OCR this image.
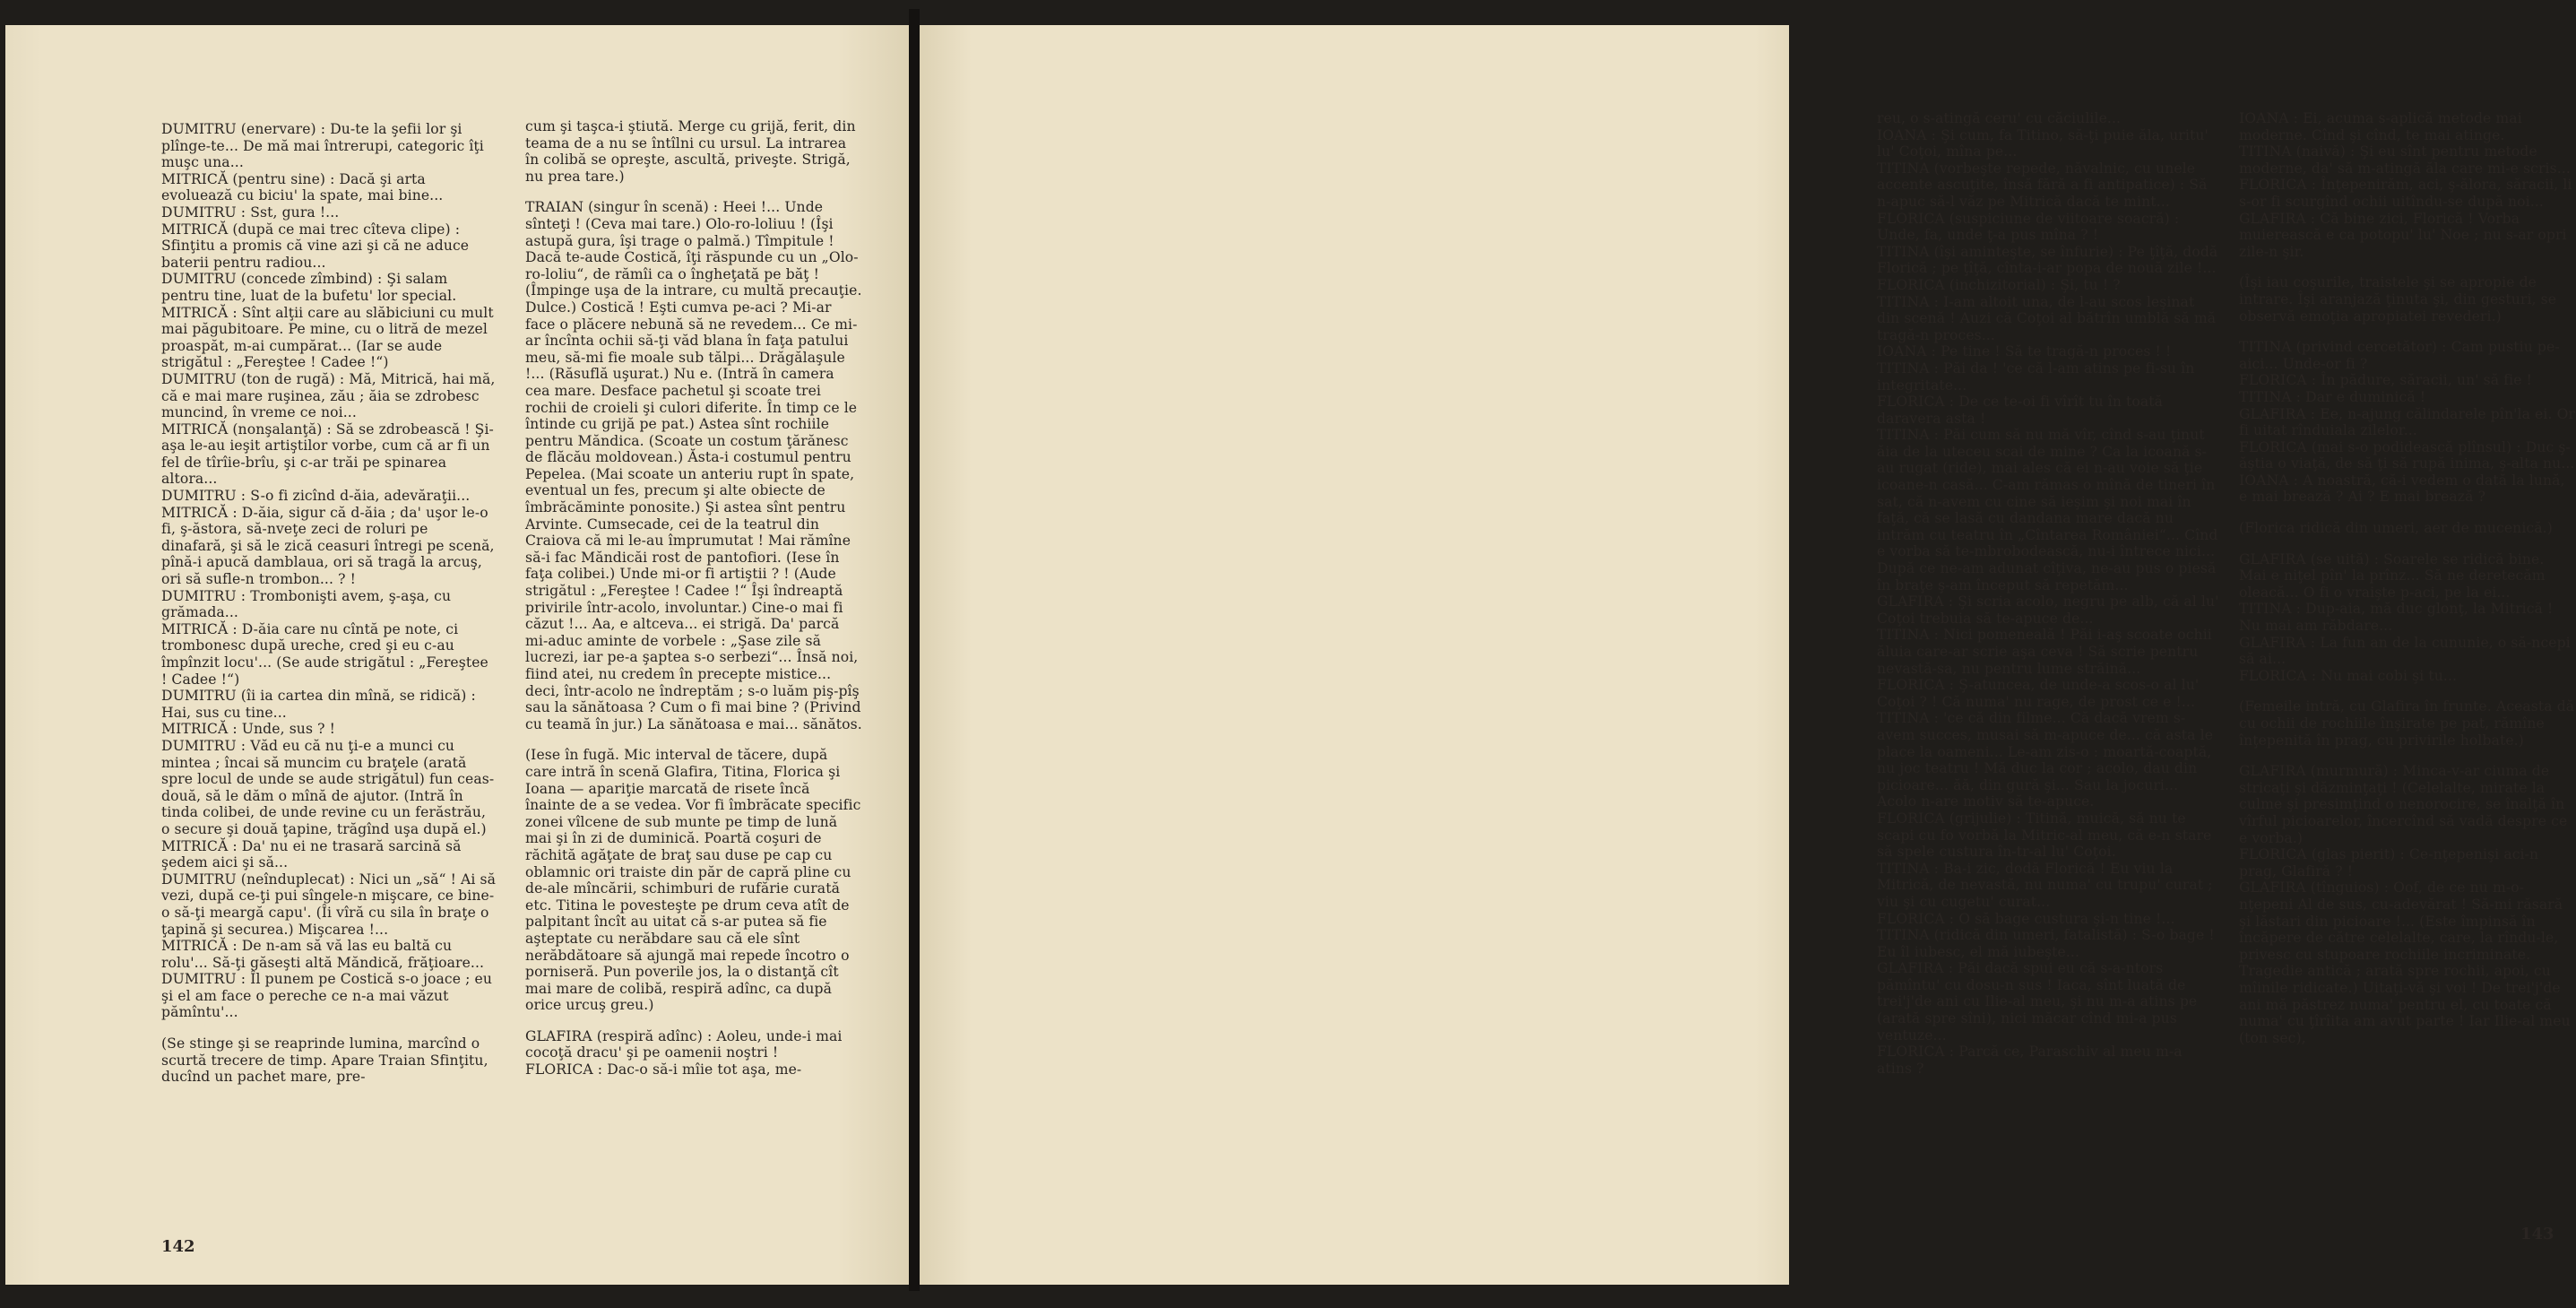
DUMITRU (enervare) : Du-te la şefii lor şi plînge-te... De mă mai întrerupi, categoric îţi muşc una...

MITRICĂ (pentru sine) : Dacă şi arta evoluează cu biciu' la spate, mai bine...

DUMITRU : Sst, gura !...

MITRICĂ (după ce mai trec cîteva clipe) : Sfinţitu a promis că vine azi şi că ne aduce baterii pentru radiou...

DUMITRU (concede zîmbind) : Şi salam pentru tine, luat de la bufetu' lor special.

MITRICĂ : Sînt alţii care au slăbiciuni cu mult mai păgubitoare. Pe mine, cu o litră de mezel proaspăt, m-ai cumpărat... (Iar se aude strigătul : „Fereştee ! Cadee !“)

DUMITRU (ton de rugă) : Mă, Mitrică, hai mă, că e mai mare ruşinea, zău ; ăia se zdrobesc muncind, în vreme ce noi...

MITRICĂ (nonşalanţă) : Să se zdrobească ! Şi-aşa le-au ieşit artiştilor vorbe, cum că ar fi un fel de tîrîie-brîu, şi c-ar trăi pe spinarea altora...

DUMITRU : S-o fi zicînd d-ăia, adevăraţii...

MITRICĂ : D-ăia, sigur că d-ăia ; da' uşor le-o fi, ş-ăstora, să-nveţe zeci de roluri pe dinafară, şi să le zică ceasuri întregi pe scenă, pînă-i apucă damblaua, ori să tragă la arcuş, ori să sufle-n trombon... ? !

DUMITRU : Trombonişti avem, ş-aşa, cu grămada...

MITRICĂ : D-ăia care nu cîntă pe note, ci trombonesc după ureche, cred şi eu c-au împînzit locu'... (Se aude strigătul : „Fereştee ! Cadee !“)

DUMITRU (îi ia cartea din mînă, se ridică) : Hai, sus cu tine...

MITRICĂ : Unde, sus ? !

DUMITRU : Văd eu că nu ţi-e a munci cu mintea ; încai să muncim cu braţele (arată spre locul de unde se aude strigătul) fun ceas-două, să le dăm o mînă de ajutor. (Intră în tinda colibei, de unde revine cu un ferăstrău, o secure şi două ţapine, trăgînd uşa după el.)

MITRICĂ : Da' nu ei ne trasară sarcină să şedem aici şi să...

DUMITRU (neînduplecat) : Nici un „să“ ! Ai să vezi, după ce-ţi pui sîngele-n mişcare, ce bine-o să-ţi meargă capu'. (Îi vîră cu sila în braţe o ţapină şi securea.) Mişcarea !...

MITRICĂ : De n-am să vă las eu baltă cu rolu'... Să-ţi găseşti altă Măndică, frăţioare...

DUMITRU : Îl punem pe Costică s-o joace ; eu şi el am face o pereche ce n-a mai văzut pămîntu'...

(Se stinge şi se reaprinde lumina, marcînd o scurtă trecere de timp. Apare Traian Sfinţitu, ducînd un pachet mare, pre-

cum şi taşca-i ştiută. Merge cu grijă, ferit, din teama de a nu se întîlni cu ursul. La intrarea în colibă se opreşte, ascultă, priveşte. Strigă, nu prea tare.)

TRAIAN (singur în scenă) : Heei !... Unde sînteţi ! (Ceva mai tare.) Olo-ro-loliuu ! (Îşi astupă gura, îşi trage o palmă.) Tîmpitule ! Dacă te-aude Costică, îţi răspunde cu un „Olo-ro-loliu“, de rămîi ca o îngheţată pe băţ ! (Împinge uşa de la intrare, cu multă precauţie. Dulce.) Costică ! Eşti cumva pe-aci ? Mi-ar face o plăcere nebună să ne revedem... Ce mi-ar încînta ochii să-ţi văd blana în faţa patului meu, să-mi fie moale sub tălpi... Drăgălaşule !... (Răsuflă uşurat.) Nu e. (Intră în camera cea mare. Desface pachetul şi scoate trei rochii de croieli şi culori diferite. În timp ce le întinde cu grijă pe pat.) Astea sînt rochiile pentru Măndica. (Scoate un costum ţărănesc de flăcău moldovean.) Ăsta-i costumul pentru Pepelea. (Mai scoate un anteriu rupt în spate, eventual un fes, precum şi alte obiecte de îmbrăcăminte ponosite.) Şi astea sînt pentru Arvinte. Cumsecade, cei de la teatrul din Craiova că mi le-au împrumutat ! Mai rămîne să-i fac Măndicăi rost de pantofiori. (Iese în faţa colibei.) Unde mi-or fi artiştii ? ! (Aude strigătul : „Fereştee ! Cadee !“ Îşi îndreaptă privirile într-acolo, involuntar.) Cine-o mai fi căzut !... Aa, e altceva... ei strigă. Da' parcă mi-aduc aminte de vorbele : „Şase zile să lucrezi, iar pe-a şaptea s-o serbezi“... Însă noi, fiind atei, nu credem în precepte mistice... deci, într-acolo ne îndreptăm ; s-o luăm piş-pîş sau la sănătoasa ? Cum o fi mai bine ? (Privind cu teamă în jur.) La sănătoasa e mai... sănătos.

(Iese în fugă. Mic interval de tăcere, după care intră în scenă Glafira, Titina, Florica şi Ioana — apariţie marcată de risete încă înainte de a se vedea. Vor fi îmbrăcate specific zonei vîlcene de sub munte pe timp de lună mai şi în zi de duminică. Poartă coşuri de răchită agăţate de braţ sau duse pe cap cu oblamnic ori traiste din păr de capră pline cu de-ale mîncării, schimburi de rufărie curată etc. Titina le povesteşte pe drum ceva atît de palpitant încît au uitat că s-ar putea să fie aşteptate cu nerăbdare sau că ele sînt nerăbdătoare să ajungă mai repede încotro o porniseră. Pun poverile jos, la o distanţă cît mai mare de colibă, respiră adînc, ca după orice urcuş greu.)

GLAFIRA (respiră adînc) : Aoleu, unde-i mai cocoţă dracu' şi pe oamenii noştri !

FLORICA : Dac-o să-i mîie tot aşa, me-

142

reu, o s-atingă ceru' cu căciulile...

IOANA : Şi cum, fa Titino, să-ţi puie ăla, uritu' lu' Coţoi, mîna pe...

TITINA (vorbeşte repede, năvalnic, cu unele accente ascuţite, însă fără a fi antipatice) : Să n-apuc să-l văz pe Mitrică dacă te mint...

FLORICA (suspiciune de viitoare soacră) : Unde, fa, unde ţ-a pus mîna ? !

TITINA (îşi aminteşte, se înfurie) : Pe ţîţă, dodă Florică ; pe ţîţă, cînta-i-ar popa de nouă zile !...

FLORICA (inchizitorial) : Şi, tu ! ?

TITINA : I-am altoit una, de l-au scos leşinat din scenă ! Auzi că Coţoi al bătrîn umblă să mă tragă-n proces...

IOANA : Pe tine ! Să te tragă-n proces ! !

TITINA : Păi da ! 'ce că l-am atins pe fi-su în integritate...

FLORICA : De ce te-oi fi vîrît tu în toată daravera asta !

TITINA : Păi cum să nu mă vîr, cînd s-au ţinut ăia de la uteceu scai de mine ? Ca la icoană s-au rugat (ride), mai ales că ei n-au voie să ţie icoane-n casă... C-am rămas o mînă de tineri în sat, că n-avem cu cine să ieşim şi noi mai în faţă, că se lasă cu dandana mare dacă nu intrăm cu teatru în „Cîntarea României“... Cînd e vorba să te-mbrobodească, nu-i întrece nici... După ce ne-am adunat cîţiva, ne-au pus o piesă în braţe ş-am început să repetăm...

GLAFIRA : Şi scria acolo, negru pe alb, că al lu' Coţoi trebuia să te-apuce de...

TITINA : Nici pomeneală ! Păi i-aş scoate ochii ăluia care-ar scrie aşa ceva ! Să scrie pentru nevastă-sa, nu pentru lume străină...

FLORICA : Ş-atuncea, de unde-a scos-o al lu' Coţoi ? ! Că numa' nu rage, de prost ce e !...

TITINA : 'ce că din filme... Că dacă vrem s-avem succes, musai să m-apuce de... că asta le place la oameni... Le-am zis-o : moartă-coaptă, nu joc teatru ! Mă duc la cor ; acolo, dau din picioare... ăă, din gură şi... Sau la jocuri... Acolo n-are motiv să te-apuce.

FLORICA (grijulie) : Titină, muică, să nu te scapi cu fo vorbă la Mitric-al meu, că e-n stare să spele custura în-tr-al lu' Coţoi.

TITINA : Ba-i zic, dodă Florică ! Eu viu la Mitrică, de nevastă, nu numa' cu trupu' curat ; viu şi cu cugetu' curat...

FLORICA : O să bage custura şi-n tine !...

TITINA (ridică din umeri, fatalistă) : S-o bage ! Eu îl iubesc, el mă iubeşte...

GLAFIRA : Păi dacă spui eu că s-a-ntors pămîntu' cu dosu-n sus ! Iaca, sînt luată de trei'j'de ani cu Ilie-al meu, şi nu m-a atins pe (arată spre sîni), nici măcar cînd mi-a pus ventuze...

FLORICA : Parcă ce, Paraschiv al meu m-a atins ?

IOANA : Ei, acuma s-aplică metode mai moderne. Cînd şi cînd, te mai atinge.

TITINA (naivă) : Şi eu sînt pentru metode moderne, da' să m-atingă ăla care mi-e scris...

FLORICA : Înţepenirăm, aci, ş-ălora, săracii, li s-or fi scurgînd ochii uitîndu-se după noi...

GLAFIRA : Că bine zici, Florică ! Vorba muierească e ca potopu' lu' Noe ; nu s-ar opri zile-n şir.

(Îşi iau coşurile, traistele şi se apropie de intrare. Îşi aranjază ţinuta şi, din gesturi, se observă emoţia apropiatei revederi.)

TITINA (privind cercetător) : Cam pustiu pe-aici... Unde-or fi ?

FLORICA : În pădure, săracii, un' să fie !

TITINA : Dar e duminică !

GLAFIRA : Ee, n-ajung călindarele pîn'la ei. Or fi uitat rînduiala zilelor...

FLORICA (mai s-o podidească plînsul) : Duc ş-ăştia o viaţă, de să ţi să rupă inima, ş-alta nu...

IOANA : A noastră, că-i vedem o dată la lună, e mai brează ? Ai ? E mai brează ?

(Florica ridică din umeri, aer de mucenică.)

GLAFIRA (se uită) : Soarele se ridică bine. Mai e niţel pîn' la prînz... Să ne deretecăm oleacă... O fi o vraişte p-aci, pe la ei...

TITINA : Dup-aia, mă duc glonţ, la Mitrică ! Nu mai am răbdare...

GLAFIRA : La fun an de la cununie, o să-ncepi să ai...

FLORICA : Nu mai cobi şi tu...

(Femeile intră, cu Glafira în frunte. Aceasta dă cu ochii de rochiile înşirate pe pat, rămîne înţepenită în prag, cu privirile holbate.)

GLAFIRA (murmură) : Minca-v-ar ciuma de stricaţi şi dăzminţaţi ! (Celelalte, mirate la culme şi presimţind o nenorocire, se înalţă în vîrful picioarelor, încercînd să vadă despre ce e vorba.)

FLORICA (glas pierit) : Ce-nţepenişi aci-n prag, Glafiră ? !

GLAFIRA (tînguios) : Oof, de ce nu m-o-nţepeni Al de sus, cu-adevărat ! Să-mi răsară şi lăstari din picioare !... (Este împinsă în încăpere de către celelalte, care, la rîndu-le, privesc cu stupoare rochiile incriminate. Tragedie antică ; arată spre rochii, apoi, cu mîinile ridicate.) Uitaţi-vă şi voi ! De trei'j'de ani mă păstrez numa' pentru el, cu toate că numa' cu ţîrîita am avut parte ! Iar Ilie-al meu (ton sec),

143
